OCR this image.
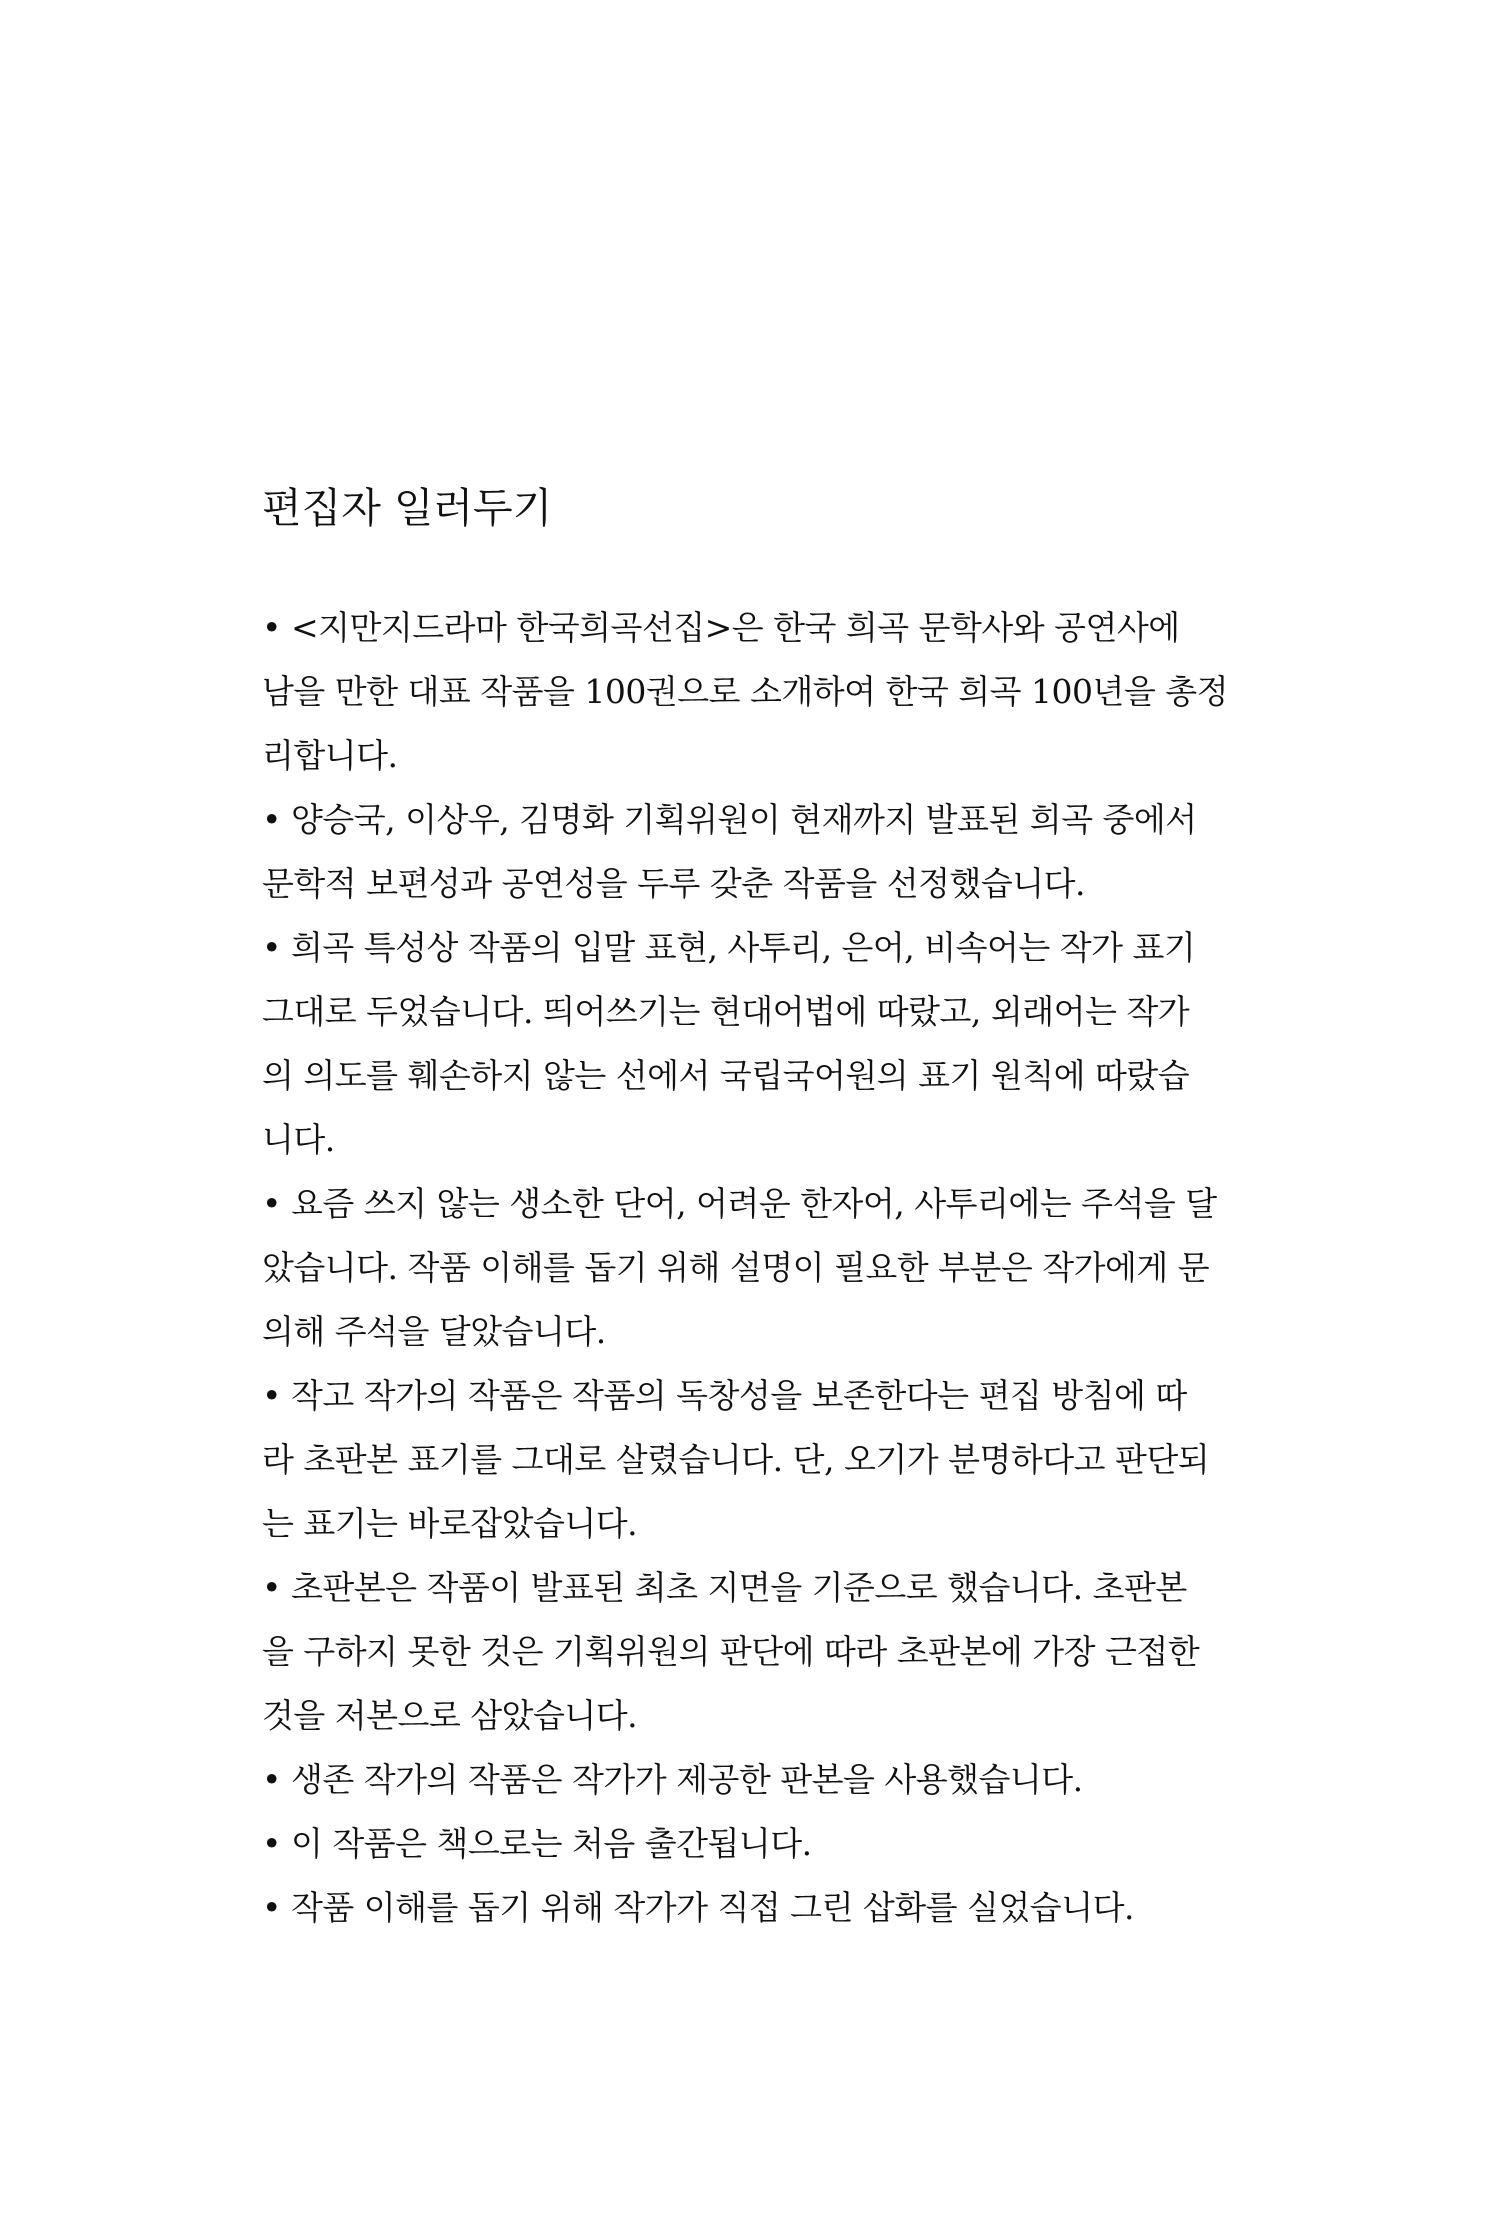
편집자 일러두기
• <지만지드라마 한국희곡선집>은 한국 희곡 문학사와 공연사에
남을 만한 대표 작품을 100권으로 소개하여 한국 희곡 100년을 총정
리합니다.
• 양승국, 이상우, 김명화 기획위원이 현재까지 발표된 희곡 중에서
문학적 보편성과 공연성을 두루 갖춘 작품을 선정했습니다.
• 희곡 특성상 작품의 입말 표현, 사투리, 은어, 비속어는 작가 표기
그대로 두었습니다. 띄어쓰기는 현대어법에 따랐고, 외래어는 작가
의 의도를 훼손하지 않는 선에서 국립국어원의 표기 원칙에 따랐습
니다.
• 요즘 쓰지 않는 생소한 단어, 어려운 한자어, 사투리에는 주석을 달
았습니다. 작품 이해를 돕기 위해 설명이 필요한 부분은 작가에게 문
의해 주석을 달았습니다.
• 작고 작가의 작품은 작품의 독창성을 보존한다는 편집 방침에 따
라 초판본 표기를 그대로 살렸습니다. 단, 오기가 분명하다고 판단되
는 표기는 바로잡았습니다.
• 초판본은 작품이 발표된 최초 지면을 기준으로 했습니다. 초판본
을 구하지 못한 것은 기획위원의 판단에 따라 초판본에 가장 근접한
것을 저본으로 삼았습니다.
• 생존 작가의 작품은 작가가 제공한 판본을 사용했습니다.
• 이 작품은 책으로는 처음 출간됩니다.
• 작품 이해를 돕기 위해 작가가 직접 그린 삽화를 실었습니다.
